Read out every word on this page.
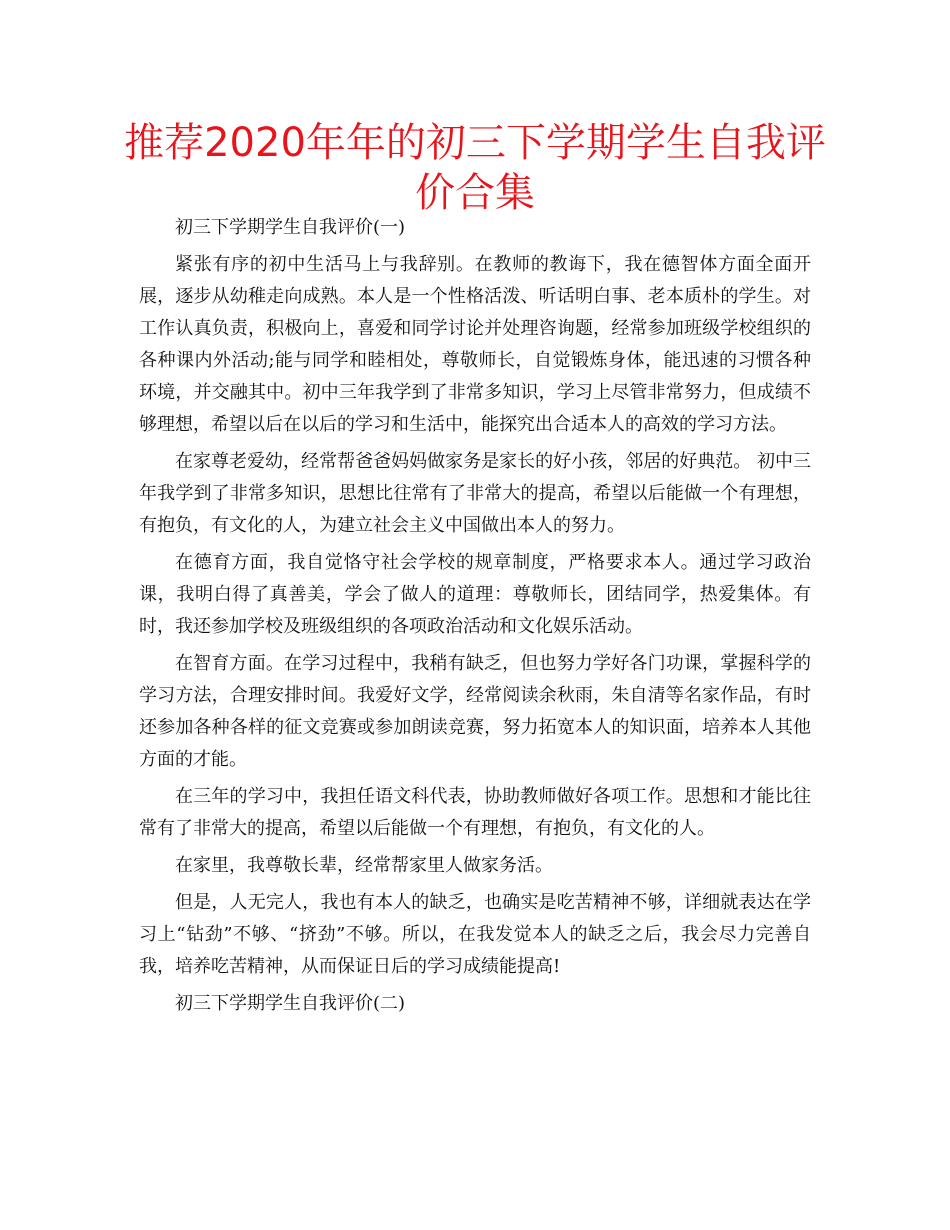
推荐2020年年的初三下学期学生自我评价合集

初三下学期学生自我评价(一)

紧张有序的初中生活马上与我辞别。在教师的教诲下，我在德智体方面全面开展，逐步从幼稚走向成熟。本人是一个性格活泼、听话明白事、老本质朴的学生。对工作认真负责，积极向上，喜爱和同学讨论并处理咨询题，经常参加班级学校组织的各种课内外活动;能与同学和睦相处，尊敬师长，自觉锻炼身体，能迅速的习惯各种环境，并交融其中。初中三年我学到了非常多知识，学习上尽管非常努力，但成绩不够理想，希望以后在以后的学习和生活中，能探究出合适本人的高效的学习方法。

在家尊老爱幼，经常帮爸爸妈妈做家务是家长的好小孩，邻居的好典范。 初中三年我学到了非常多知识，思想比往常有了非常大的提高，希望以后能做一个有理想，有抱负，有文化的人，为建立社会主义中国做出本人的努力。

在德育方面，我自觉恪守社会学校的规章制度，严格要求本人。通过学习政治课，我明白得了真善美，学会了做人的道理：尊敬师长，团结同学，热爱集体。有时，我还参加学校及班级组织的各项政治活动和文化娱乐活动。

在智育方面。在学习过程中，我稍有缺乏，但也努力学好各门功课，掌握科学的学习方法，合理安排时间。我爱好文学，经常阅读余秋雨，朱自清等名家作品，有时还参加各种各样的征文竞赛或参加朗读竞赛，努力拓宽本人的知识面，培养本人其他方面的才能。

在三年的学习中，我担任语文科代表，协助教师做好各项工作。思想和才能比往常有了非常大的提高，希望以后能做一个有理想，有抱负，有文化的人。

在家里，我尊敬长辈，经常帮家里人做家务活。

但是，人无完人，我也有本人的缺乏，也确实是吃苦精神不够，详细就表达在学习上“钻劲”不够、“挤劲”不够。所以，在我发觉本人的缺乏之后，我会尽力完善自我，培养吃苦精神，从而保证日后的学习成绩能提高!

初三下学期学生自我评价(二)
